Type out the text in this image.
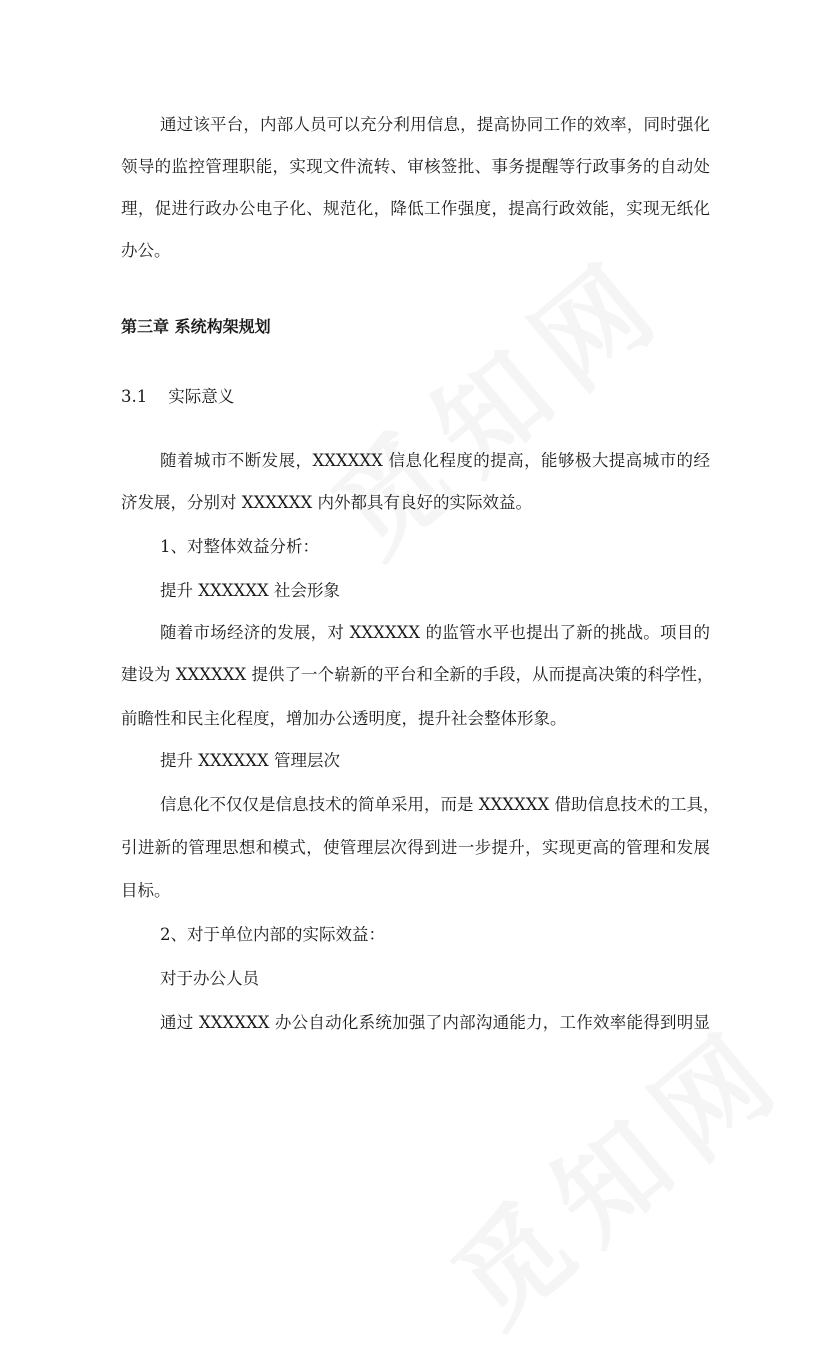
通过该平台，内部人员可以充分利用信息，提高协同工作的效率，同时强化
领导的监控管理职能，实现文件流转、审核签批、事务提醒等行政事务的自动处
理，促进行政办公电子化、规范化，降低工作强度，提高行政效能，实现无纸化
办公。
第三章 系统构架规划
3.1    实际意义
随着城市不断发展，XXXXXX 信息化程度的提高，能够极大提高城市的经
济发展，分别对 XXXXXX 内外都具有良好的实际效益。
1、对整体效益分析：
提升 XXXXXX 社会形象
随着市场经济的发展，对 XXXXXX 的监管水平也提出了新的挑战。项目的
建设为 XXXXXX 提供了一个崭新的平台和全新的手段，从而提高决策的科学性，
前瞻性和民主化程度，增加办公透明度，提升社会整体形象。
提升 XXXXXX 管理层次
信息化不仅仅是信息技术的简单采用，而是 XXXXXX 借助信息技术的工具，
引进新的管理思想和模式，使管理层次得到进一步提升，实现更高的管理和发展
目标。
2、对于单位内部的实际效益：
对于办公人员
通过 XXXXXX 办公自动化系统加强了内部沟通能力，工作效率能得到明显
